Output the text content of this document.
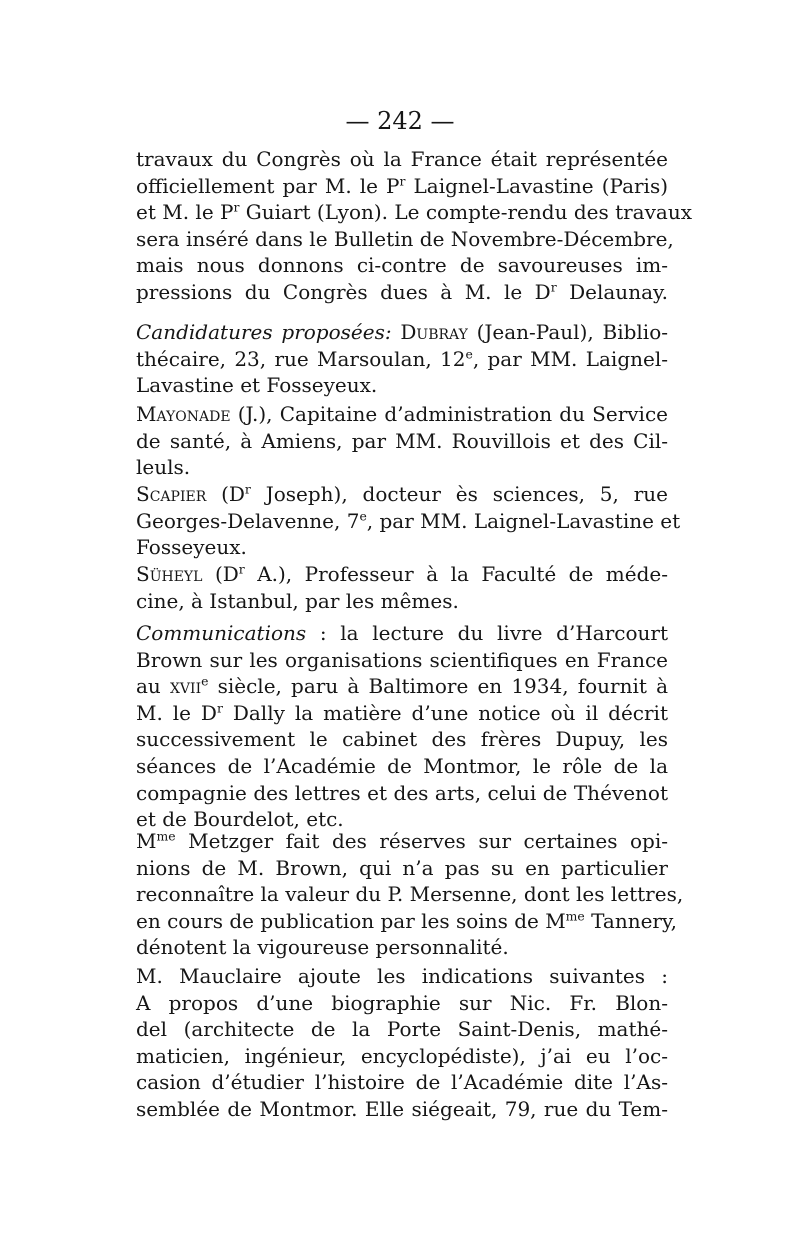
— 242 —
travaux du Congrès où la France était représentée
officiellement par M. le $P^r$ Laignel-Lavastine (Paris)
et M. le $P^r$ Guiart (Lyon). Le compte-rendu des travaux
sera inséré dans le Bulletin de Novembre-Décembre,
mais nous donnons ci-contre de savoureuses im-
pressions du Congrès dues à M. le $D^r$ Delaunay.
Candidatures proposées: Dubray (Jean-Paul), Biblio-
thécaire, 23, rue Marsoulan, 12e, par MM. Laignel-
Lavastine et Fosseyeux.
Mayonade (J.), Capitaine d’administration du Service
de santé, à Amiens, par MM. Rouvillois et des Cil-
leuls.
Scapier ($D^r$ Joseph), docteur ès sciences, 5, rue
Georges-Delavenne, 7e, par MM. Laignel-Lavastine et
Fosseyeux.
Süheyl ($D^r$ A.), Professeur à la Faculté de méde-
cine, à Istanbul, par les mêmes.
Communications : la lecture du livre d’Harcourt
Brown sur les organisations scientifiques en France
au xvii$^e$ siècle, paru à Baltimore en 1934, fournit à
M. le $D^r$ Dally la matière d’une notice où il décrit
successivement le cabinet des frères Dupuy, les
séances de l’Académie de Montmor, le rôle de la
compagnie des lettres et des arts, celui de Thévenot
et de Bourdelot, etc.
$M^{me}$ Metzger fait des réserves sur certaines opi-
nions de M. Brown, qui n’a pas su en particulier
reconnaître la valeur du P. Mersenne, dont les lettres,
en cours de publication par les soins de $M^{me}$ Tannery,
dénotent la vigoureuse personnalité.
M. Mauclaire ajoute les indications suivantes :
A propos d’une biographie sur Nic. Fr. Blon-
del (architecte de la Porte Saint-Denis, mathé-
maticien, ingénieur, encyclopédiste), j’ai eu l’oc-
casion d’étudier l’histoire de l’Académie dite l’As-
semblée de Montmor. Elle siégeait, 79, rue du Tem-
